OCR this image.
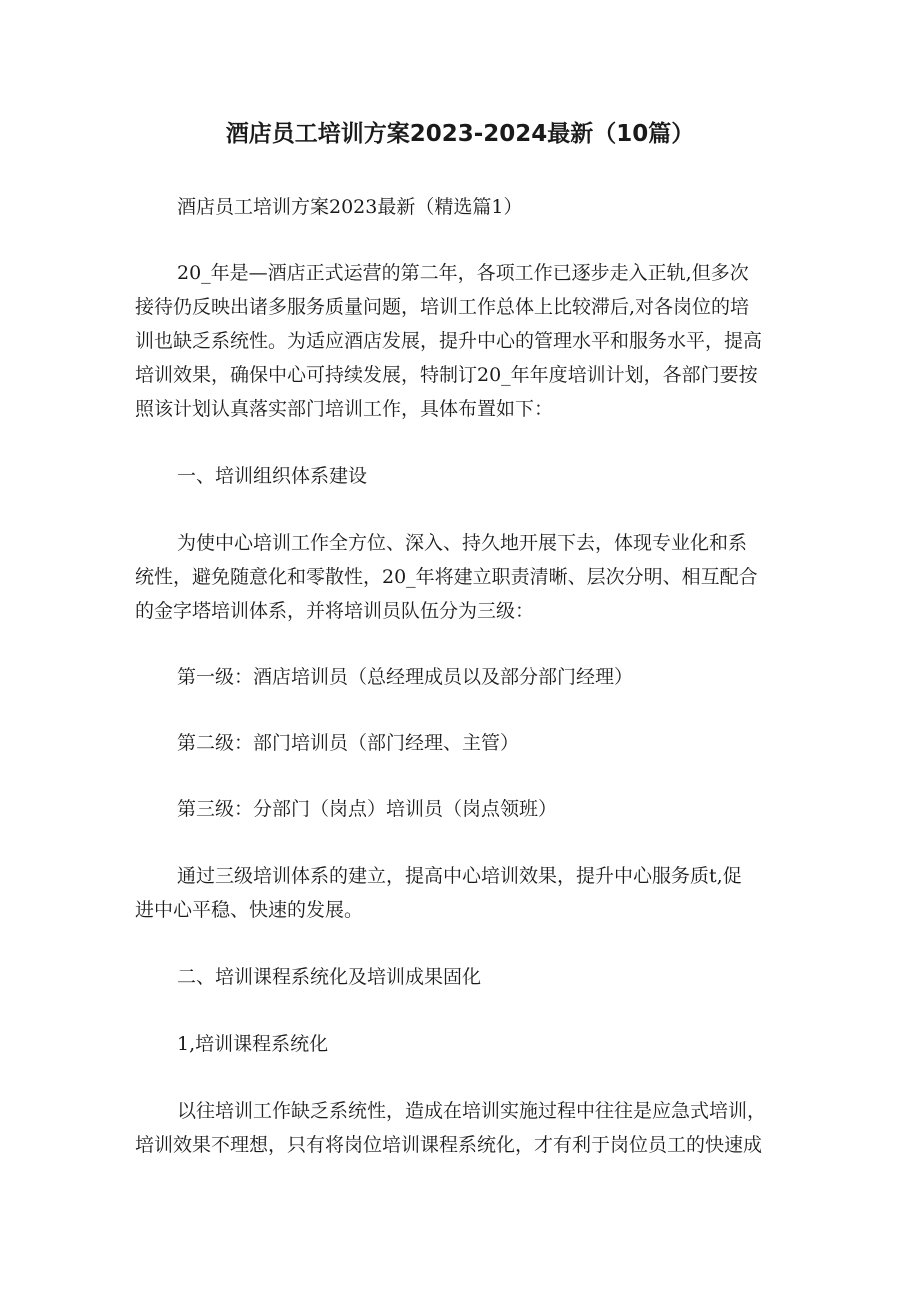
酒店员工培训方案2023-2024最新（10篇）
酒店员工培训方案2023最新（精选篇1）
20_年是—酒店正式运营的第二年，各项工作已逐步走入正轨,但多次
接待仍反映出诸多服务质量问题，培训工作总体上比较滞后,对各岗位的培
训也缺乏系统性。为适应酒店发展，提升中心的管理水平和服务水平，提高
培训效果，确保中心可持续发展，特制订20_年年度培训计划，各部门要按
照该计划认真落实部门培训工作，具体布置如下：
一、培训组织体系建设
为使中心培训工作全方位、深入、持久地开展下去，体现专业化和系
统性，避免随意化和零散性，20_年将建立职责清晰、层次分明、相互配合
的金字塔培训体系，并将培训员队伍分为三级：
第一级：酒店培训员（总经理成员以及部分部门经理）
第二级：部门培训员（部门经理、主管）
第三级：分部门（岗点）培训员（岗点领班）
通过三级培训体系的建立，提高中心培训效果，提升中心服务质t,促
进中心平稳、快速的发展。
二、培训课程系统化及培训成果固化
1,培训课程系统化
以往培训工作缺乏系统性，造成在培训实施过程中往往是应急式培训，
培训效果不理想，只有将岗位培训课程系统化，才有利于岗位员工的快速成
